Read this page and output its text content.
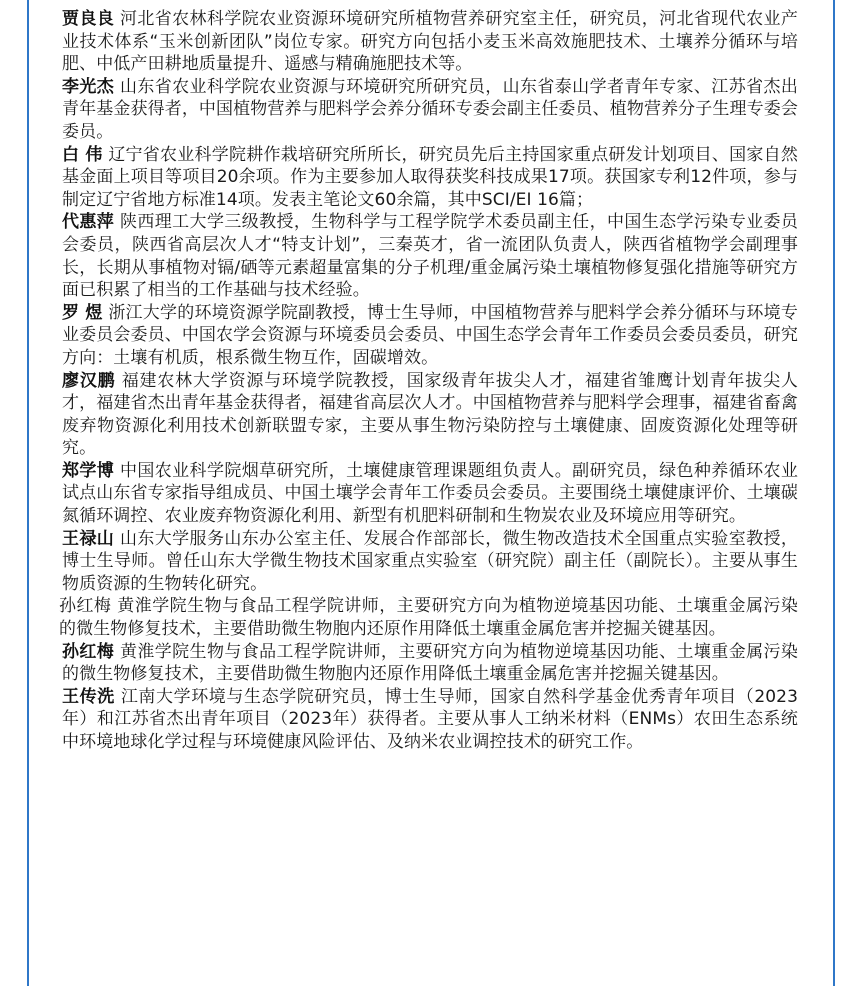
贾良良 河北省农林科学院农业资源环境研究所植物营养研究室主任，研究员，河北省现代农业产业技术体系“玉米创新团队”岗位专家。研究方向包括小麦玉米高效施肥技术、土壤养分循环与培肥、中低产田耕地质量提升、遥感与精确施肥技术等。

李光杰 山东省农业科学院农业资源与环境研究所研究员，山东省泰山学者青年专家、江苏省杰出青年基金获得者，中国植物营养与肥料学会养分循环专委会副主任委员、植物营养分子生理专委会委员。

白 伟 辽宁省农业科学院耕作栽培研究所所长，研究员先后主持国家重点研发计划项目、国家自然基金面上项目等项目20余项。作为主要参加人取得获奖科技成果17项。获国家专利12件项，参与制定辽宁省地方标准14项。发表主笔论文60余篇，其中SCI/EI 16篇；

代惠萍 陕西理工大学三级教授，生物科学与工程学院学术委员副主任，中国生态学污染专业委员会委员，陕西省高层次人才“特支计划”，三秦英才，省一流团队负责人，陕西省植物学会副理事长，长期从事植物对镉/硒等元素超量富集的分子机理/重金属污染土壤植物修复强化措施等研究方面已积累了相当的工作基础与技术经验。

罗 煜 浙江大学的环境资源学院副教授，博士生导师，中国植物营养与肥料学会养分循环与环境专业委员会委员、中国农学会资源与环境委员会委员、中国生态学会青年工作委员会委员委员，研究方向：土壤有机质，根系微生物互作，固碳增效。

廖汉鹏 福建农林大学资源与环境学院教授，国家级青年拔尖人才，福建省雏鹰计划青年拔尖人才，福建省杰出青年基金获得者，福建省高层次人才。中国植物营养与肥料学会理事，福建省畜禽废弃物资源化利用技术创新联盟专家，主要从事生物污染防控与土壤健康、固废资源化处理等研究。

郑学博 中国农业科学院烟草研究所，土壤健康管理课题组负责人。副研究员，绿色种养循环农业试点山东省专家指导组成员、中国土壤学会青年工作委员会委员。主要围绕土壤健康评价、土壤碳氮循环调控、农业废弃物资源化利用、新型有机肥料研制和生物炭农业及环境应用等研究。

王禄山 山东大学服务山东办公室主任、发展合作部部长，微生物改造技术全国重点实验室教授，博士生导师。曾任山东大学微生物技术国家重点实验室（研究院）副主任（副院长）。主要从事生物质资源的生物转化研究。

孙红梅 黄淮学院生物与食品工程学院讲师，主要研究方向为植物逆境基因功能、土壤重金属污染的微生物修复技术，主要借助微生物胞内还原作用降低土壤重金属危害并挖掘关键基因。

孙红梅 黄淮学院生物与食品工程学院讲师，主要研究方向为植物逆境基因功能、土壤重金属污染的微生物修复技术，主要借助微生物胞内还原作用降低土壤重金属危害并挖掘关键基因。

王传洗 江南大学环境与生态学院研究员，博士生导师，国家自然科学基金优秀青年项目（2023年）和江苏省杰出青年项目（2023年）获得者。主要从事人工纳米材料（ENMs）农田生态系统中环境地球化学过程与环境健康风险评估、及纳米农业调控技术的研究工作。
